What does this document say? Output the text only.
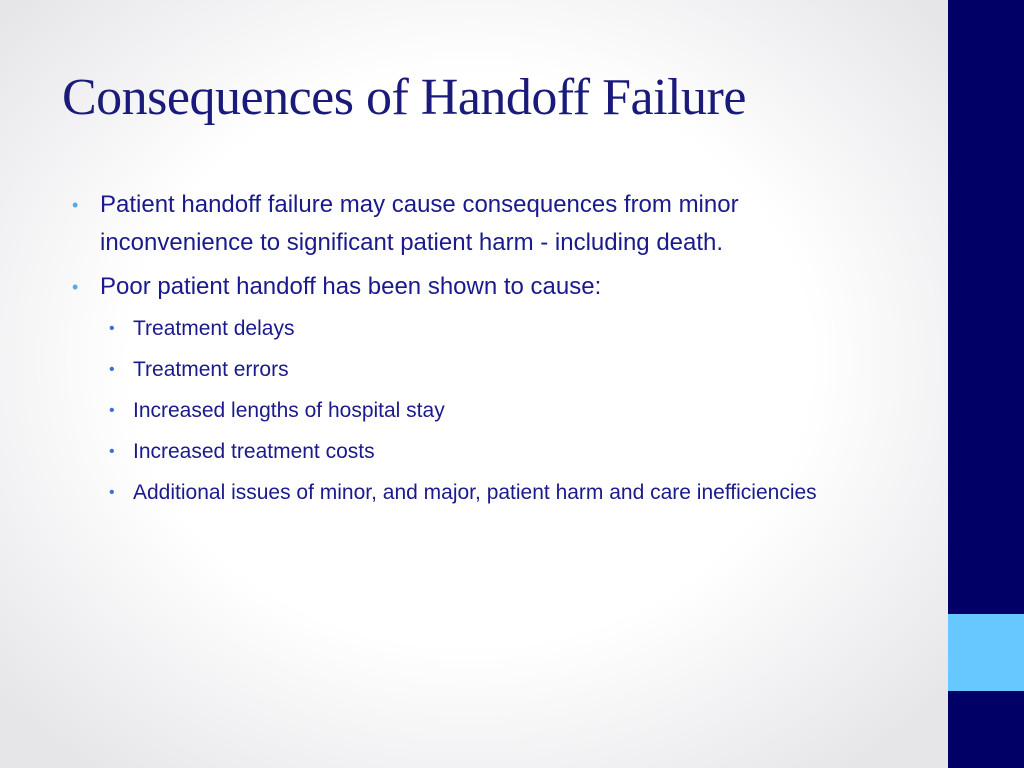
Consequences of Handoff Failure
• Patient handoff failure may cause consequences from minor inconvenience to significant patient harm - including death.
• Poor patient handoff has been shown to cause:
• Treatment delays
• Treatment errors
• Increased lengths of hospital stay
• Increased treatment costs
• Additional issues of minor, and major, patient harm and care inefficiencies
